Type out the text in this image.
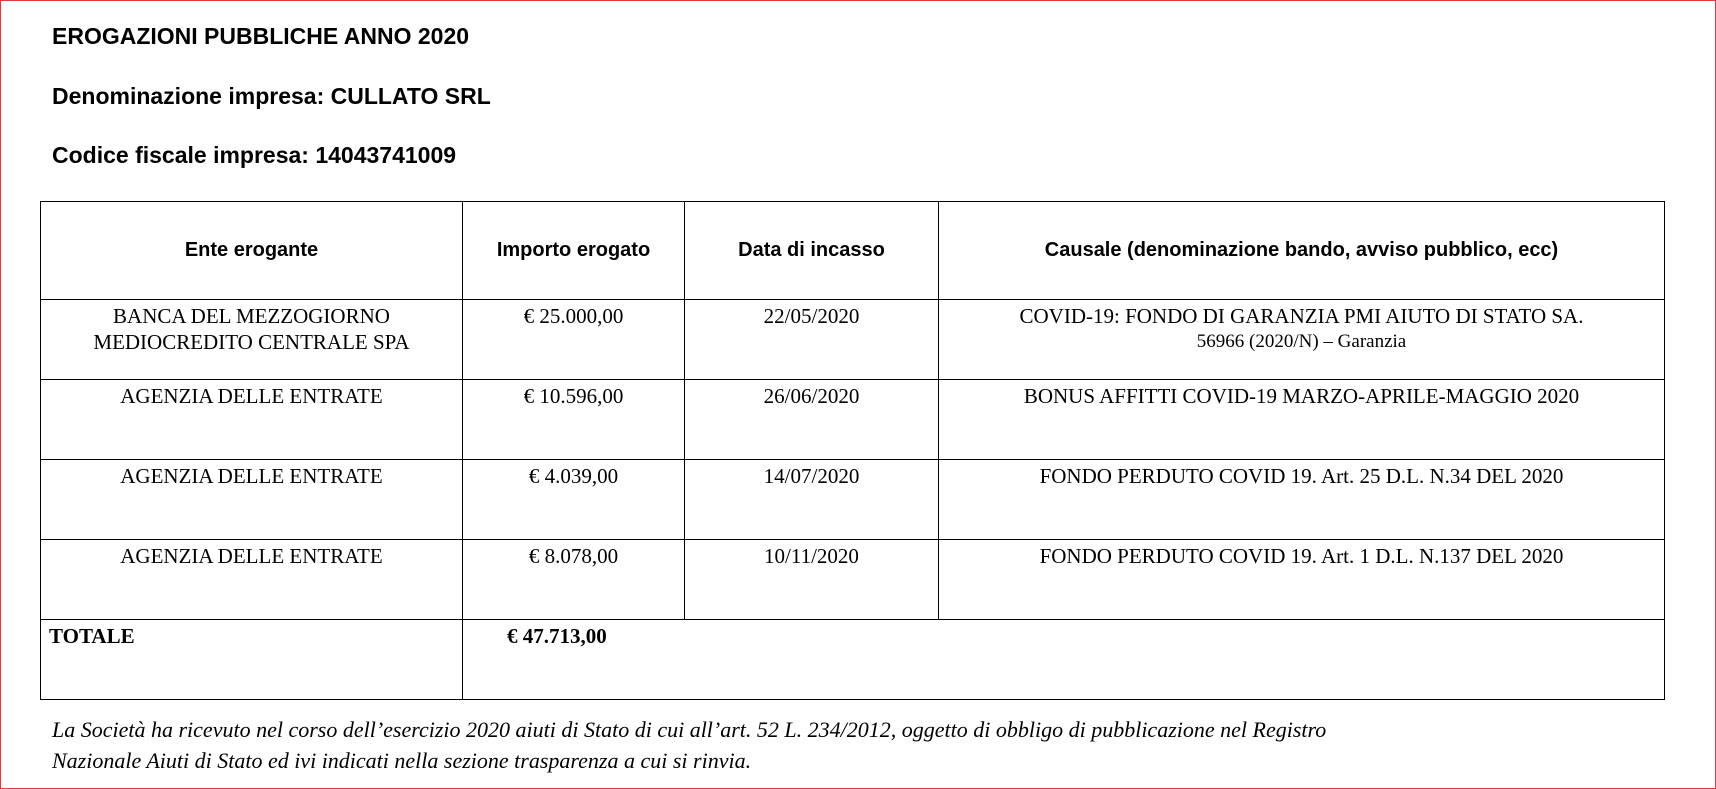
EROGAZIONI PUBBLICHE ANNO 2020
Denominazione impresa: CULLATO SRL
Codice fiscale impresa: 14043741009
Ente erogante	Importo erogato	Data di incasso	Causale (denominazione bando, avviso pubblico, ecc)

BANCA DEL MEZZOGIORNO
MEDIOCREDITO CENTRALE SPA	€ 25.000,00	22/05/2020	COVID-19: FONDO DI GARANZIA PMI AIUTO DI STATO SA.
56966 (2020/N) – Garanzia

AGENZIA DELLE ENTRATE	€ 10.596,00	26/06/2020	BONUS AFFITTI COVID-19 MARZO-APRILE-MAGGIO 2020

AGENZIA DELLE ENTRATE	€ 4.039,00	14/07/2020	FONDO PERDUTO COVID 19. Art. 25 D.L. N.34 DEL 2020

AGENZIA DELLE ENTRATE	€ 8.078,00	10/11/2020	FONDO PERDUTO COVID 19. Art. 1 D.L. N.137 DEL 2020

TOTALE	€ 47.713,00		
La Società ha ricevuto nel corso dell’esercizio 2020 aiuti di Stato di cui all’art. 52 L. 234/2012, oggetto di obbligo di pubblicazione nel Registro
Nazionale Aiuti di Stato ed ivi indicati nella sezione trasparenza a cui si rinvia.
